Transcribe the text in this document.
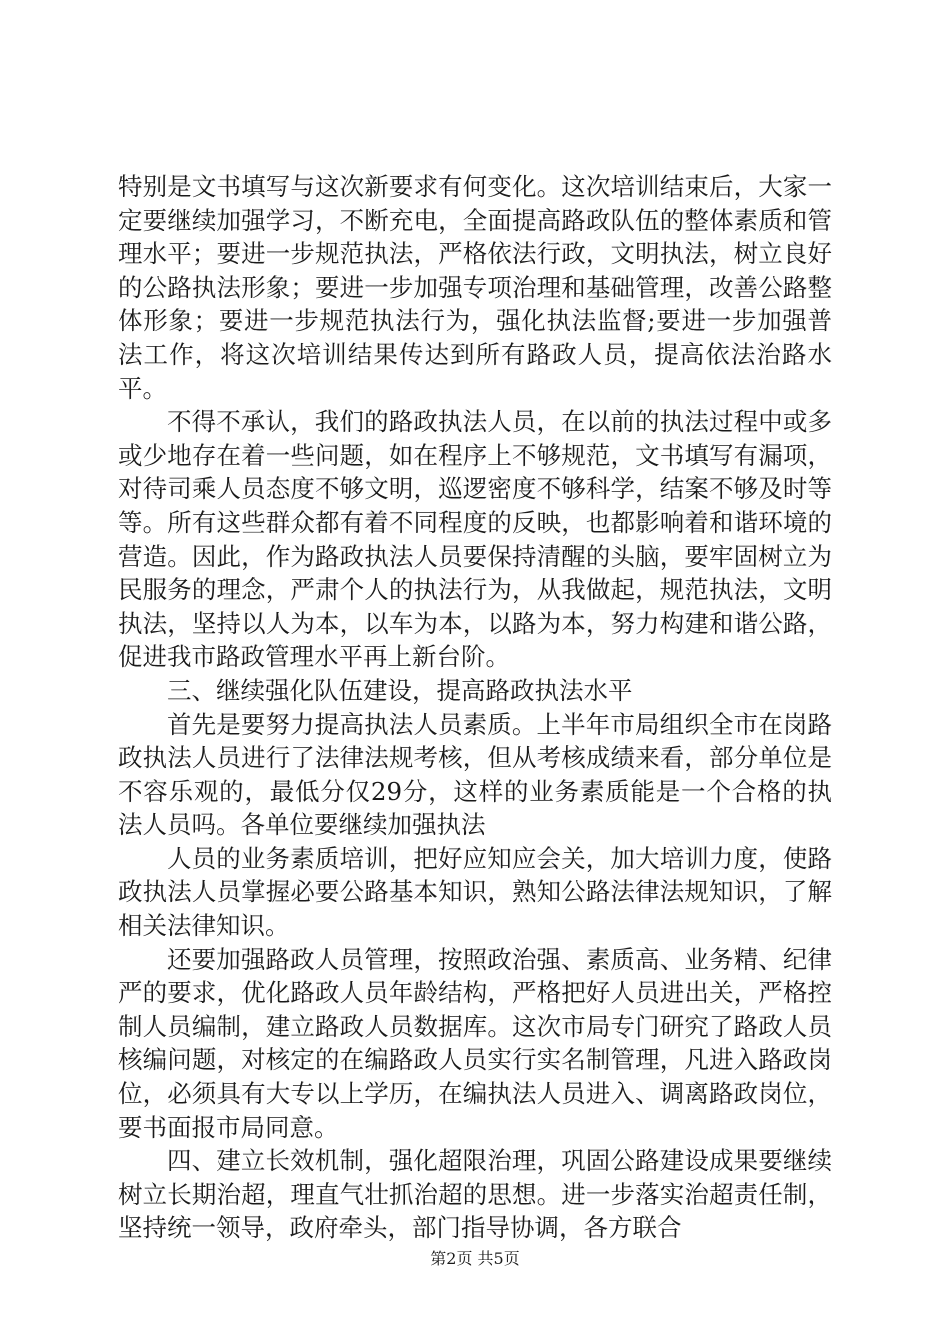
特别是文书填写与这次新要求有何变化。这次培训结束后，大家一定要继续加强学习，不断充电，全面提高路政队伍的整体素质和管理水平；要进一步规范执法，严格依法行政，文明执法，树立良好的公路执法形象；要进一步加强专项治理和基础管理，改善公路整体形象；要进一步规范执法行为，强化执法监督;要进一步加强普法工作，将这次培训结果传达到所有路政人员，提高依法治路水平。

不得不承认，我们的路政执法人员，在以前的执法过程中或多或少地存在着一些问题，如在程序上不够规范，文书填写有漏项，对待司乘人员态度不够文明，巡逻密度不够科学，结案不够及时等等。所有这些群众都有着不同程度的反映，也都影响着和谐环境的营造。因此，作为路政执法人员要保持清醒的头脑，要牢固树立为民服务的理念，严肃个人的执法行为，从我做起，规范执法，文明执法，坚持以人为本，以车为本，以路为本，努力构建和谐公路，促进我市路政管理水平再上新台阶。

三、继续强化队伍建设，提高路政执法水平

首先是要努力提高执法人员素质。上半年市局组织全市在岗路政执法人员进行了法律法规考核，但从考核成绩来看，部分单位是不容乐观的，最低分仅29分，这样的业务素质能是一个合格的执法人员吗。各单位要继续加强执法

人员的业务素质培训，把好应知应会关，加大培训力度，使路政执法人员掌握必要公路基本知识，熟知公路法律法规知识，了解相关法律知识。

还要加强路政人员管理，按照政治强、素质高、业务精、纪律严的要求，优化路政人员年龄结构，严格把好人员进出关，严格控制人员编制，建立路政人员数据库。这次市局专门研究了路政人员核编问题，对核定的在编路政人员实行实名制管理，凡进入路政岗位，必须具有大专以上学历，在编执法人员进入、调离路政岗位，要书面报市局同意。

四、建立长效机制，强化超限治理，巩固公路建设成果要继续树立长期治超，理直气壮抓治超的思想。进一步落实治超责任制，坚持统一领导，政府牵头，部门指导协调，各方联合

第2页 共5页
